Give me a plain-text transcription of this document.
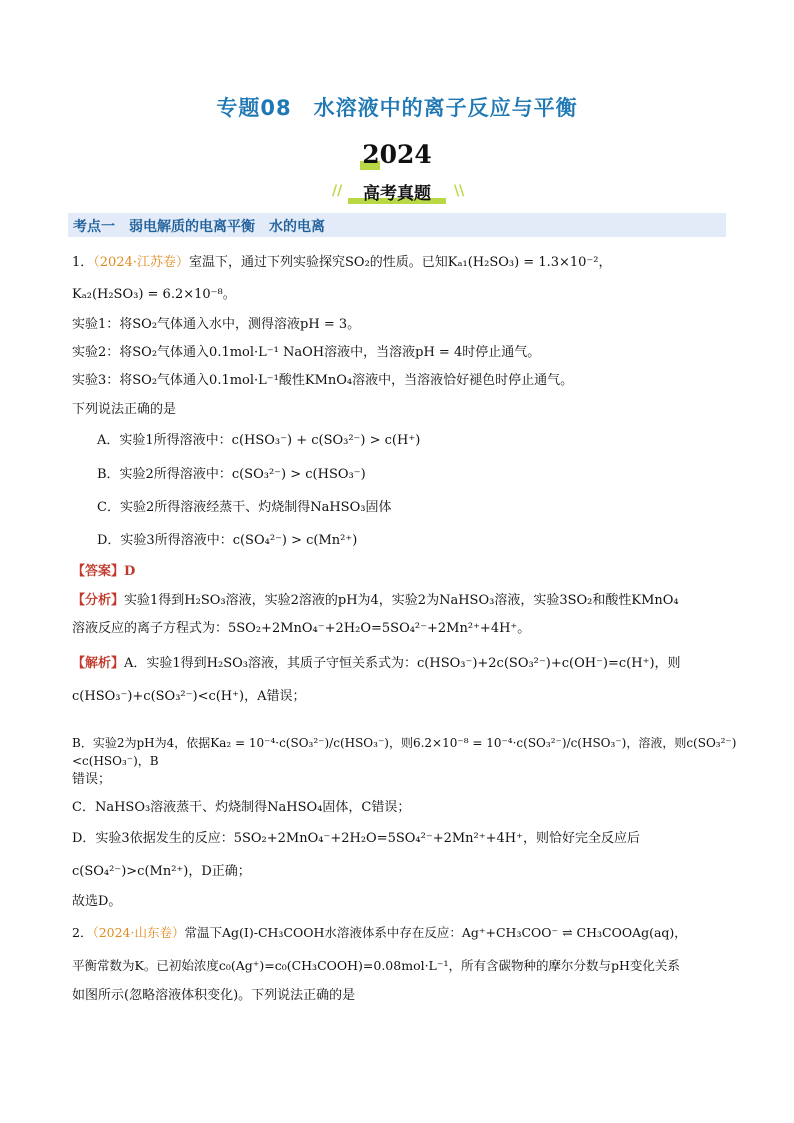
专题08　水溶液中的离子反应与平衡
2024
//	高考真题	\\
考点一　弱电解质的电离平衡　水的电离
1．（2024·江苏卷）室温下，通过下列实验探究SO₂的性质。已知Kₐ₁(H₂SO₃) = 1.3×10⁻²，
Kₐ₂(H₂SO₃) = 6.2×10⁻⁸。
实验1：将SO₂气体通入水中，测得溶液pH = 3。
实验2：将SO₂气体通入0.1mol·L⁻¹ NaOH溶液中，当溶液pH = 4时停止通气。
实验3：将SO₂气体通入0.1mol·L⁻¹酸性KMnO₄溶液中，当溶液恰好褪色时停止通气。
下列说法正确的是
A．实验1所得溶液中：c(HSO₃⁻) + c(SO₃²⁻) > c(H⁺)
B．实验2所得溶液中：c(SO₃²⁻) > c(HSO₃⁻)
C．实验2所得溶液经蒸干、灼烧制得NaHSO₃固体
D．实验3所得溶液中：c(SO₄²⁻) > c(Mn²⁺)
【答案】D
【分析】实验1得到H₂SO₃溶液，实验2溶液的pH为4，实验2为NaHSO₃溶液，实验3SO₂和酸性KMnO₄
溶液反应的离子方程式为：5SO₂+2MnO₄⁻+2H₂O=5SO₄²⁻+2Mn²⁺+4H⁺。
【解析】A．实验1得到H₂SO₃溶液，其质子守恒关系式为：c(HSO₃⁻)+2c(SO₃²⁻)+c(OH⁻)=c(H⁺)，则
c(HSO₃⁻)+c(SO₃²⁻)<c(H⁺)，A错误；
B．实验2为pH为4，依据Ka₂ = 10⁻⁴·c(SO₃²⁻)/c(HSO₃⁻)，则6.2×10⁻⁸ = 10⁻⁴·c(SO₃²⁻)/c(HSO₃⁻)，溶液，则c(SO₃²⁻)<c(HSO₃⁻)，B
错误；
C．NaHSO₃溶液蒸干、灼烧制得NaHSO₄固体，C错误；
D．实验3依据发生的反应：5SO₂+2MnO₄⁻+2H₂O=5SO₄²⁻+2Mn²⁺+4H⁺，则恰好完全反应后
c(SO₄²⁻)>c(Mn²⁺)，D正确；
故选D。
2．（2024·山东卷）常温下Ag(Ⅰ)-CH₃COOH水溶液体系中存在反应：Ag⁺+CH₃COO⁻ ⇌ CH₃COOAg(aq)，
平衡常数为K。已初始浓度c₀(Ag⁺)=c₀(CH₃COOH)=0.08mol·L⁻¹，所有含碳物种的摩尔分数与pH变化关系
如图所示(忽略溶液体积变化)。下列说法正确的是
